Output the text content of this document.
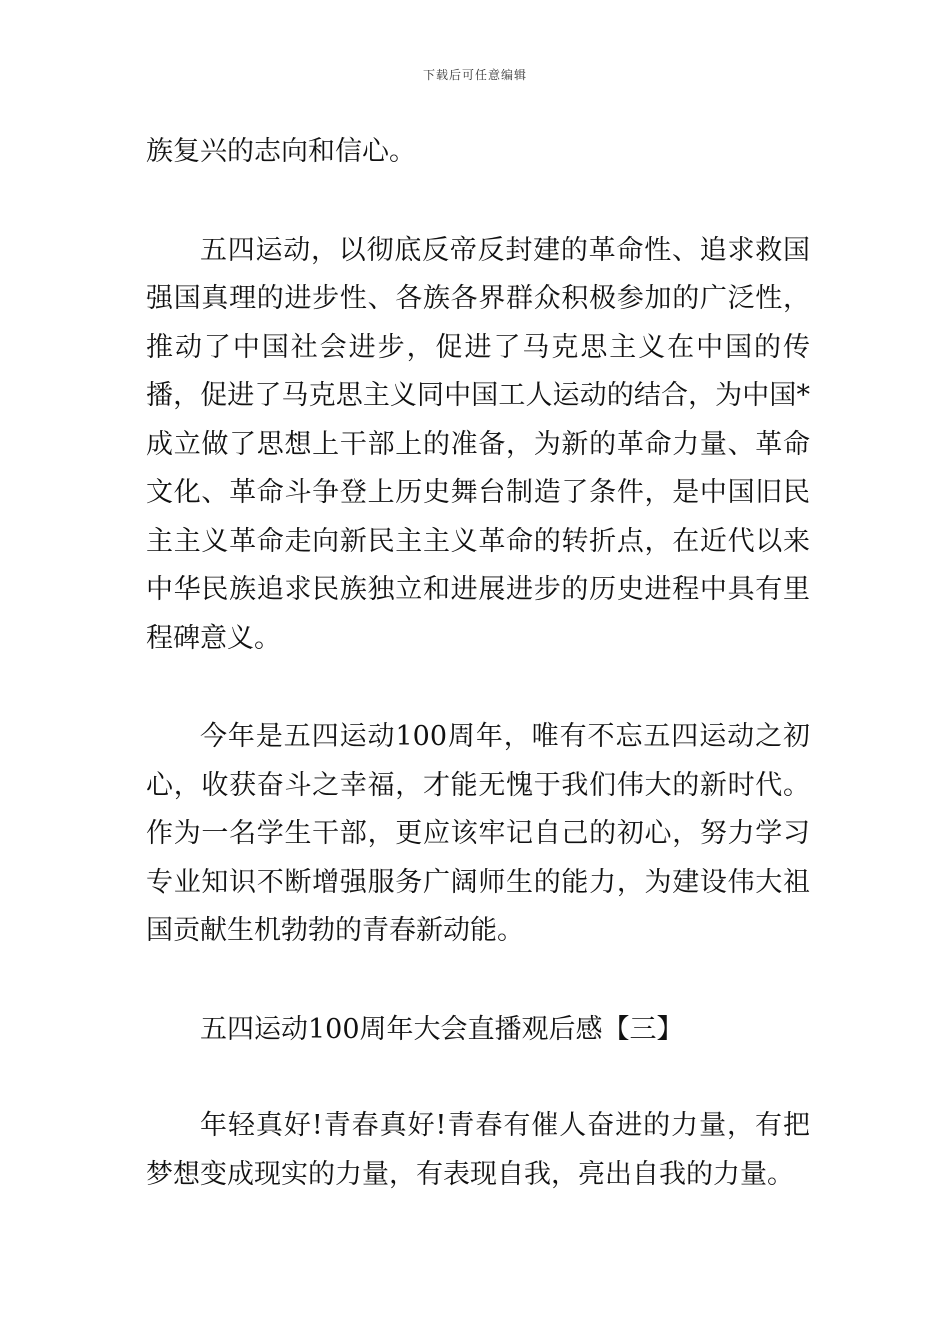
下载后可任意编辑

族复兴的志向和信心。

五四运动，以彻底反帝反封建的革命性、追求救国强国真理的进步性、各族各界群众积极参加的广泛性，推动了中国社会进步，促进了马克思主义在中国的传播，促进了马克思主义同中国工人运动的结合，为中国*成立做了思想上干部上的准备，为新的革命力量、革命文化、革命斗争登上历史舞台制造了条件，是中国旧民主主义革命走向新民主主义革命的转折点，在近代以来中华民族追求民族独立和进展进步的历史进程中具有里程碑意义。

今年是五四运动100周年，唯有不忘五四运动之初心，收获奋斗之幸福，才能无愧于我们伟大的新时代。作为一名学生干部，更应该牢记自己的初心，努力学习专业知识不断增强服务广阔师生的能力，为建设伟大祖国贡献生机勃勃的青春新动能。

五四运动100周年大会直播观后感【三】

年轻真好!青春真好!青春有催人奋进的力量，有把梦想变成现实的力量，有表现自我，亮出自我的力量。
